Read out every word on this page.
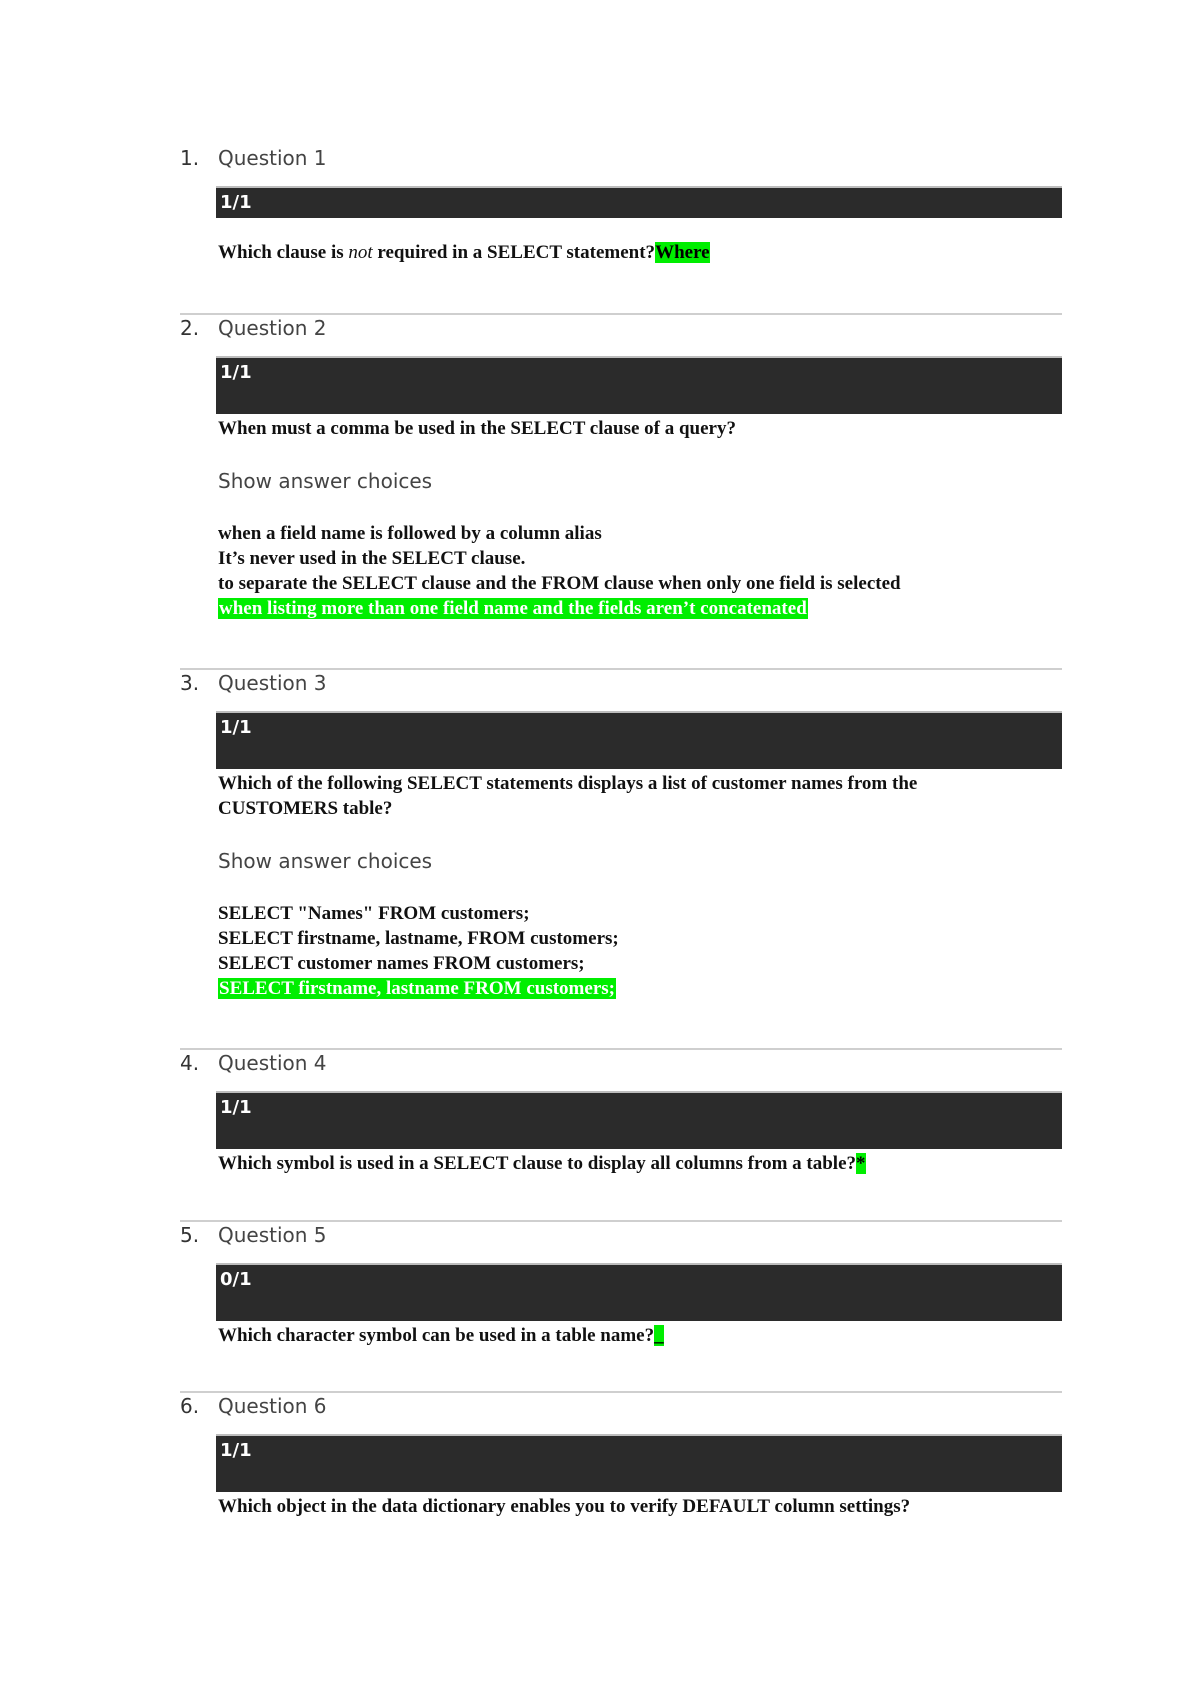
1. Question 1
1/1
Which clause is not required in a SELECT statement?Where
2. Question 2
1/1
When must a comma be used in the SELECT clause of a query?
Show answer choices
when a field name is followed by a column alias
It’s never used in the SELECT clause.
to separate the SELECT clause and the FROM clause when only one field is selected
when listing more than one field name and the fields aren’t concatenated
3. Question 3
1/1
Which of the following SELECT statements displays a list of customer names from the CUSTOMERS table?
Show answer choices
SELECT "Names" FROM customers;
SELECT firstname, lastname, FROM customers;
SELECT customer names FROM customers;
SELECT firstname, lastname FROM customers;
4. Question 4
1/1
Which symbol is used in a SELECT clause to display all columns from a table?*
5. Question 5
0/1
Which character symbol can be used in a table name?_
6. Question 6
1/1
Which object in the data dictionary enables you to verify DEFAULT column settings?
